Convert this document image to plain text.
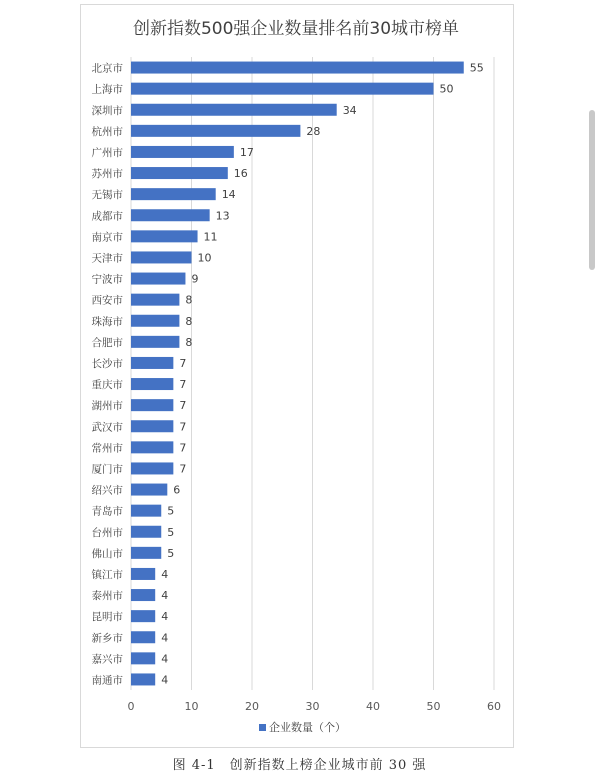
创新指数500强企业数量排名前30城市榜单
0	10	20	30	40	50	60
北京市	55
上海市	50
深圳市	34
杭州市	28
广州市	17
苏州市	16
无锡市	14
成都市	13
南京市	11
天津市	10
宁波市	9
西安市	8
珠海市	8
合肥市	8
长沙市	7
重庆市	7
湖州市	7
武汉市	7
常州市	7
厦门市	7
绍兴市	6
青岛市	5
台州市	5
佛山市	5
镇江市	4
泰州市	4
昆明市	4
新乡市	4
嘉兴市	4
南通市	4
企业数量（个）
图 4-1　创新指数上榜企业城市前 30 强
